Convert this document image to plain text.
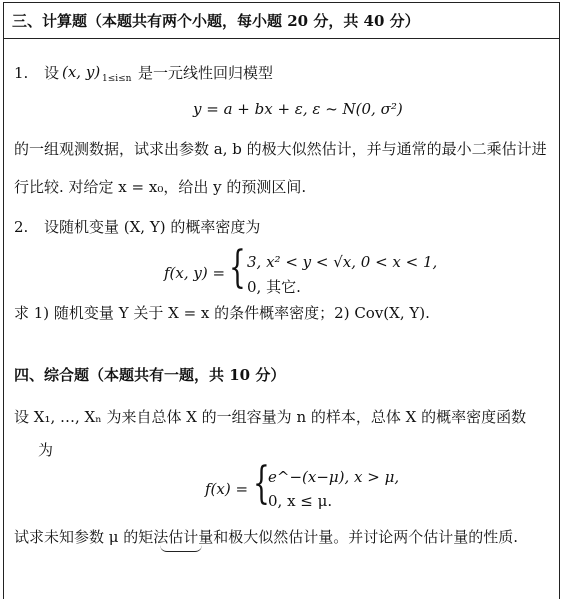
三、计算题（本题共有两个小题，每小题 20 分，共 40 分）
1. 设 (x, y) 1≤i≤n 是一元线性回归模型
y = a + bx + ε, ε ~ N(0, σ²)
的一组观测数据，试求出参数 a, b 的极大似然估计，并与通常的最小二乘估计进
行比较. 对给定 x = x₀，给出 y 的预测区间.
2. 设随机变量 (X, Y) 的概率密度为
f(x, y) = { 3, x² < y < √x, 0 < x < 1,
0, 其它.
求 1) 随机变量 Y 关于 X = x 的条件概率密度；2) Cov(X, Y).
四、综合题（本题共有一题，共 10 分）
设 X₁, …, Xₙ 为来自总体 X 的一组容量为 n 的样本，总体 X 的概率密度函数
为
f(x) = {
e^−(x−μ), x > μ,
0, x ≤ μ.
试求未知参数 μ 的矩法估计量和极大似然估计量。并讨论两个估计量的性质.
